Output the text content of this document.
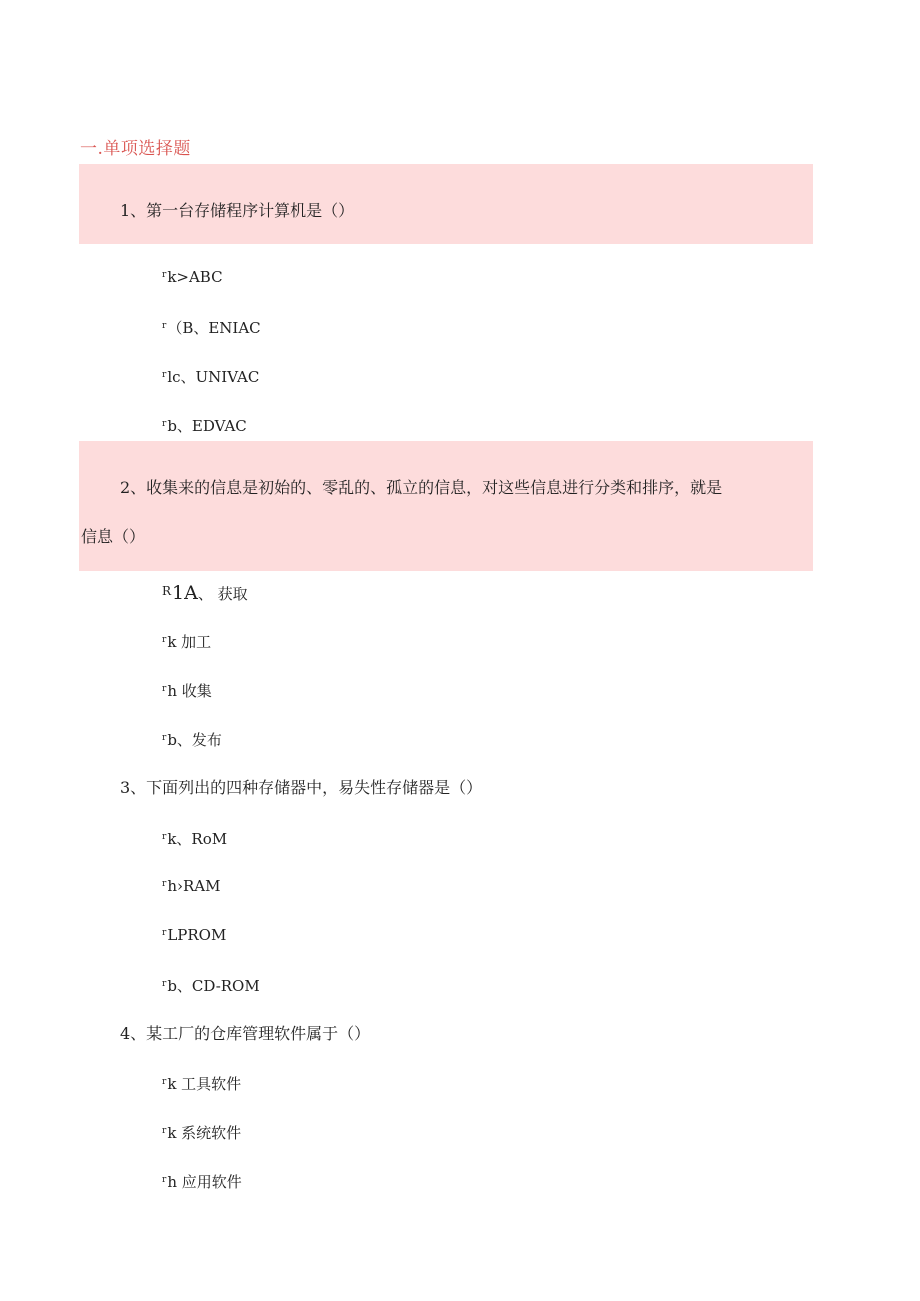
一.单项选择题
1、第一台存储程序计算机是（）
$^r$k>ABC
$^r$（B、ENIAC
$^r$lc、UNIVAC
$^r$b、EDVAC
2、收集来的信息是初始的、零乱的、孤立的信息，对这些信息进行分类和排序，就是
信息（）
$^R$1A、 获取
$^r$k 加工
$^r$h 收集
$^r$b、发布
3、下面列出的四种存储器中，易失性存储器是（）
$^r$k、RoM
$^r$h›RAM
$^r$LPROM
$^r$b、CD-ROM
4、某工厂的仓库管理软件属于（）
$^r$k 工具软件
$^r$k 系统软件
$^r$h 应用软件
